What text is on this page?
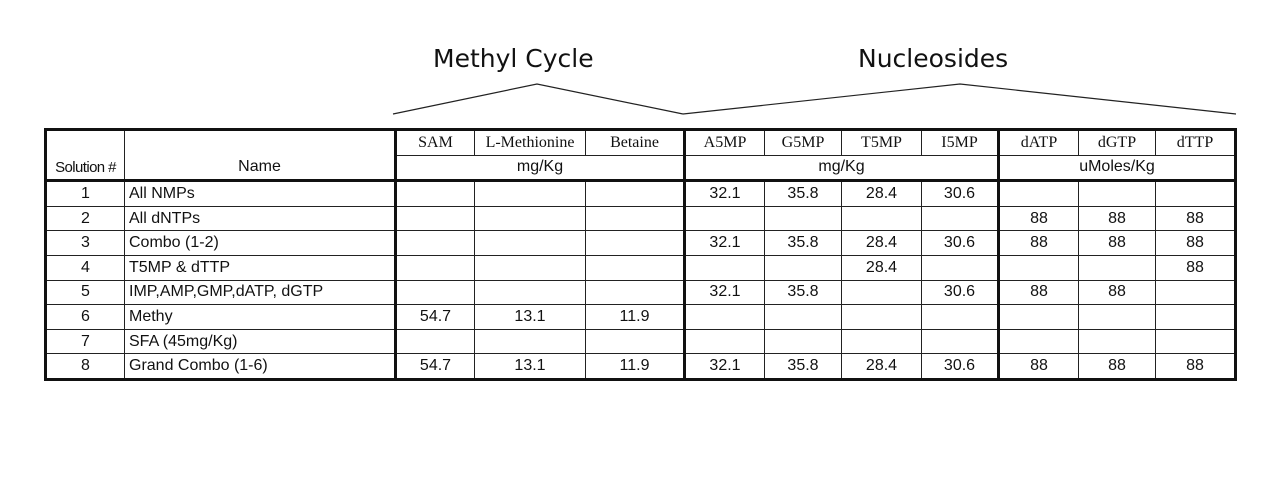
Methyl Cycle	Nucleosides
Solution #	Name	SAM	L-Methionine	Betaine	A5MP	G5MP	T5MP	I5MP	dATP	dGTP	dTTP
		mg/Kg			mg/Kg				uMoles/Kg		
1	All NMPs				32.1	35.8	28.4	30.6			
2	All dNTPs								88	88	88
3	Combo (1-2)				32.1	35.8	28.4	30.6	88	88	88
4	T5MP & dTTP						28.4				88
5	IMP,AMP,GMP,dATP, dGTP				32.1	35.8		30.6	88	88	
6	Methy	54.7	13.1	11.9							
7	SFA (45mg/Kg)										
8	Grand Combo (1-6)	54.7	13.1	11.9	32.1	35.8	28.4	30.6	88	88	88
